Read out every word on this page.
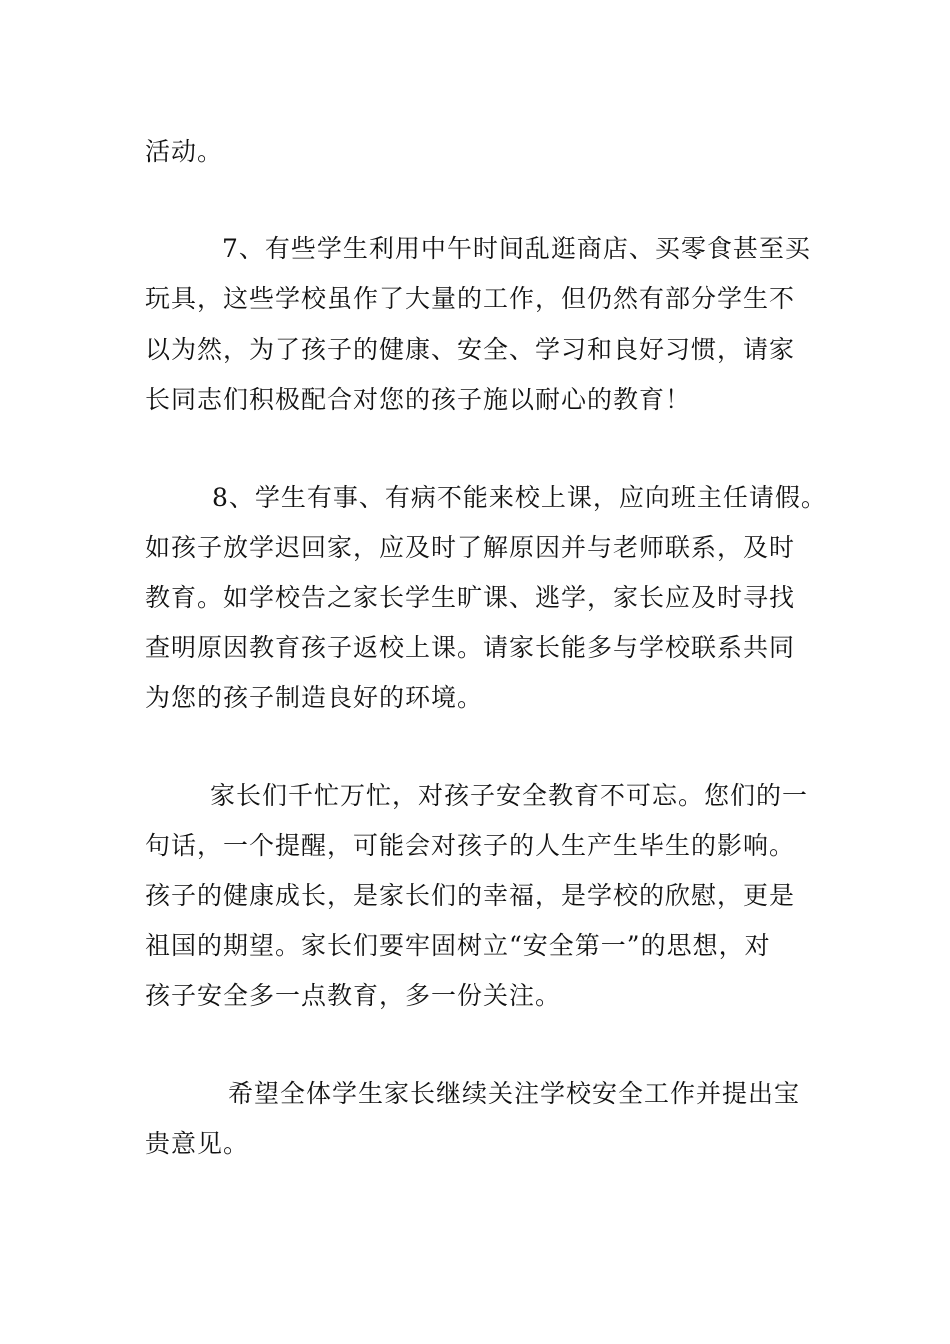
活动。
7、有些学生利用中午时间乱逛商店、买零食甚至买
玩具，这些学校虽作了大量的工作，但仍然有部分学生不
以为然，为了孩子的健康、安全、学习和良好习惯，请家
长同志们积极配合对您的孩子施以耐心的教育！
8、学生有事、有病不能来校上课，应向班主任请假。
如孩子放学迟回家，应及时了解原因并与老师联系，及时
教育。如学校告之家长学生旷课、逃学，家长应及时寻找
查明原因教育孩子返校上课。请家长能多与学校联系共同
为您的孩子制造良好的环境。
家长们千忙万忙，对孩子安全教育不可忘。您们的一
句话，一个提醒，可能会对孩子的人生产生毕生的影响。
孩子的健康成长，是家长们的幸福，是学校的欣慰，更是
祖国的期望。家长们要牢固树立“安全第一”的思想，对
孩子安全多一点教育，多一份关注。
希望全体学生家长继续关注学校安全工作并提出宝
贵意见。
